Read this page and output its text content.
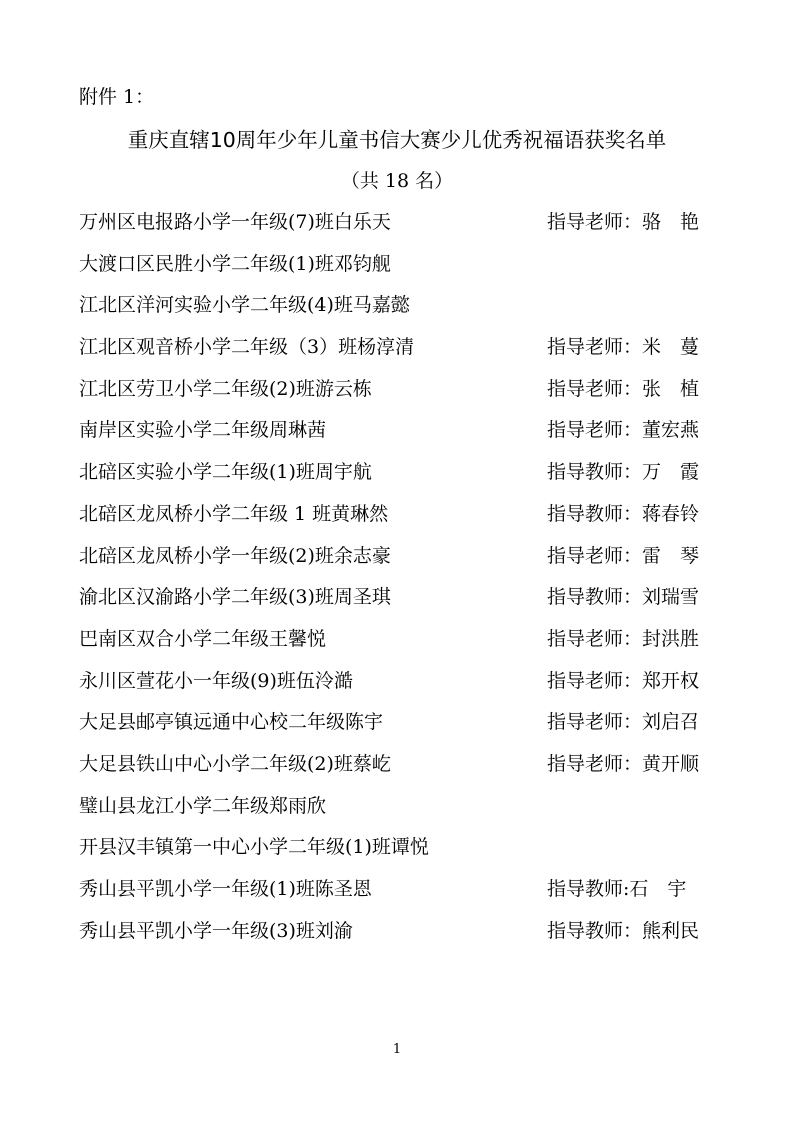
附件 1：
重庆直辖10周年少年儿童书信大赛少儿优秀祝福语获奖名单
（共 18 名）
万州区电报路小学一年级(7)班白乐天	指导老师：骆　艳
大渡口区民胜小学二年级(1)班邓钧舰
江北区洋河实验小学二年级(4)班马嘉懿
江北区观音桥小学二年级（3）班杨淳清	指导老师：米　蔓
江北区劳卫小学二年级(2)班游云栋	指导老师：张　植
南岸区实验小学二年级周琳茜	指导老师：董宏燕
北碚区实验小学二年级(1)班周宇航	指导教师：万　霞
北碚区龙凤桥小学二年级 1 班黄琳然	指导教师：蒋春铃
北碚区龙凤桥小学一年级(2)班余志豪	指导老师：雷　琴
渝北区汉渝路小学二年级(3)班周圣琪	指导教师：刘瑞雪
巴南区双合小学二年级王馨悦	指导老师：封洪胜
永川区萱花小一年级(9)班伍泠澔	指导老师：郑开权
大足县邮亭镇远通中心校二年级陈宇	指导老师：刘启召
大足县铁山中心小学二年级(2)班蔡屹	指导老师：黄开顺
璧山县龙江小学二年级郑雨欣
开县汉丰镇第一中心小学二年级(1)班谭悦
秀山县平凯小学一年级(1)班陈圣恩	指导教师:石　宇
秀山县平凯小学一年级(3)班刘渝	指导教师：熊利民
1
